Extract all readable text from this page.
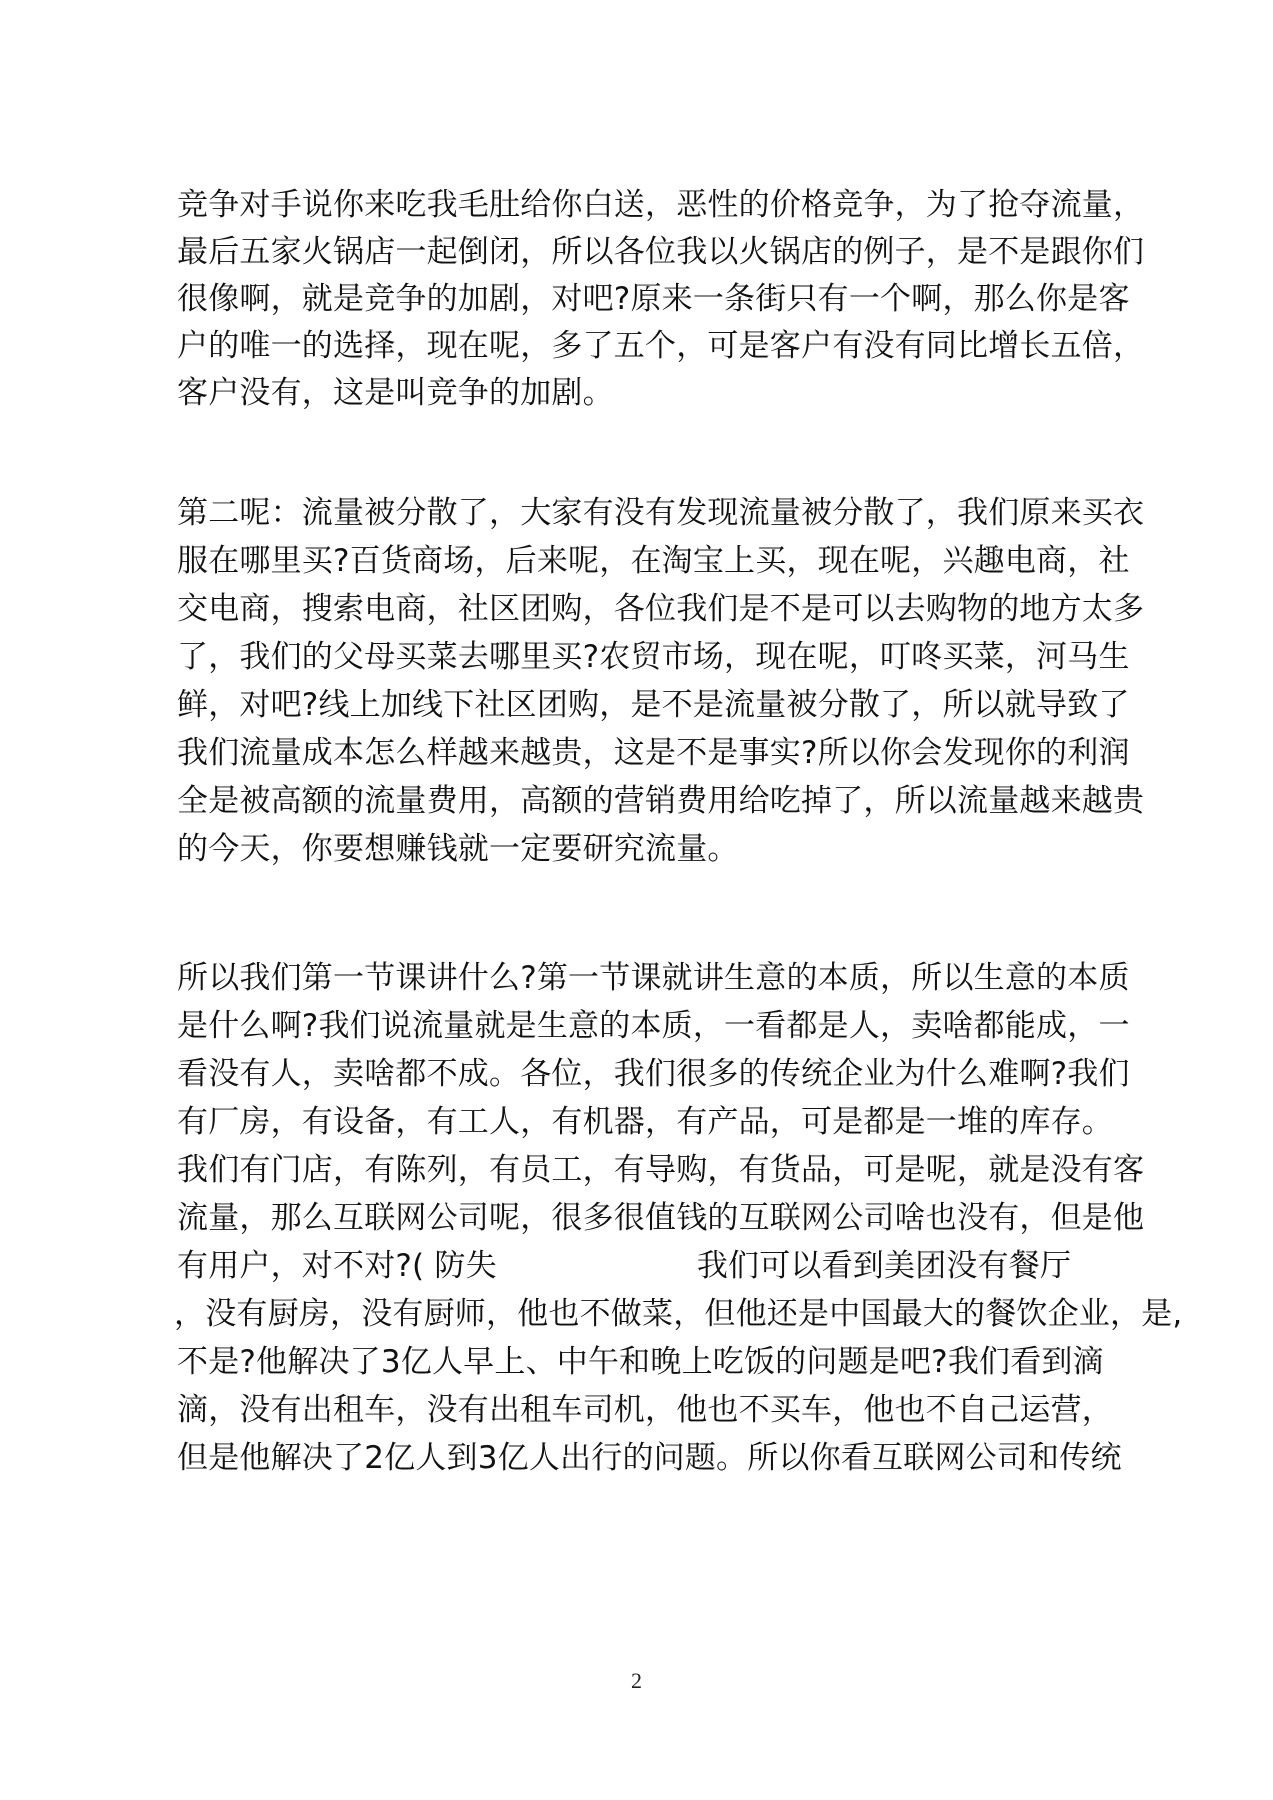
竞争对手说你来吃我毛肚给你白送，恶性的价格竞争，为了抢夺流量，
最后五家火锅店一起倒闭，所以各位我以火锅店的例子，是不是跟你们
很像啊，就是竞争的加剧，对吧?原来一条街只有一个啊，那么你是客
户的唯一的选择，现在呢，多了五个，可是客户有没有同比增长五倍，
客户没有，这是叫竞争的加剧。
第二呢：流量被分散了，大家有没有发现流量被分散了，我们原来买衣
服在哪里买?百货商场，后来呢，在淘宝上买，现在呢，兴趣电商，社
交电商，搜索电商，社区团购，各位我们是不是可以去购物的地方太多
了，我们的父母买菜去哪里买?农贸市场，现在呢，叮咚买菜，河马生
鲜，对吧?线上加线下社区团购，是不是流量被分散了，所以就导致了
我们流量成本怎么样越来越贵，这是不是事实?所以你会发现你的利润
全是被高额的流量费用，高额的营销费用给吃掉了，所以流量越来越贵
的今天，你要想赚钱就一定要研究流量。
所以我们第一节课讲什么?第一节课就讲生意的本质，所以生意的本质
是什么啊?我们说流量就是生意的本质，一看都是人，卖啥都能成，一
看没有人，卖啥都不成。各位，我们很多的传统企业为什么难啊?我们
有厂房，有设备，有工人，有机器，有产品，可是都是一堆的库存。
我们有门店，有陈列，有员工，有导购，有货品，可是呢，就是没有客
流量，那么互联网公司呢，很多很值钱的互联网公司啥也没有，但是他
有用户，对不对?( 防失	我们可以看到美团没有餐厅
，没有厨房，没有厨师，他也不做菜，但他还是中国最大的餐饮企业，是,
不是?他解决了3亿人早上、中午和晚上吃饭的问题是吧?我们看到滴
滴，没有出租车，没有出租车司机，他也不买车，他也不自己运营，
但是他解决了2亿人到3亿人出行的问题。所以你看互联网公司和传统
2
